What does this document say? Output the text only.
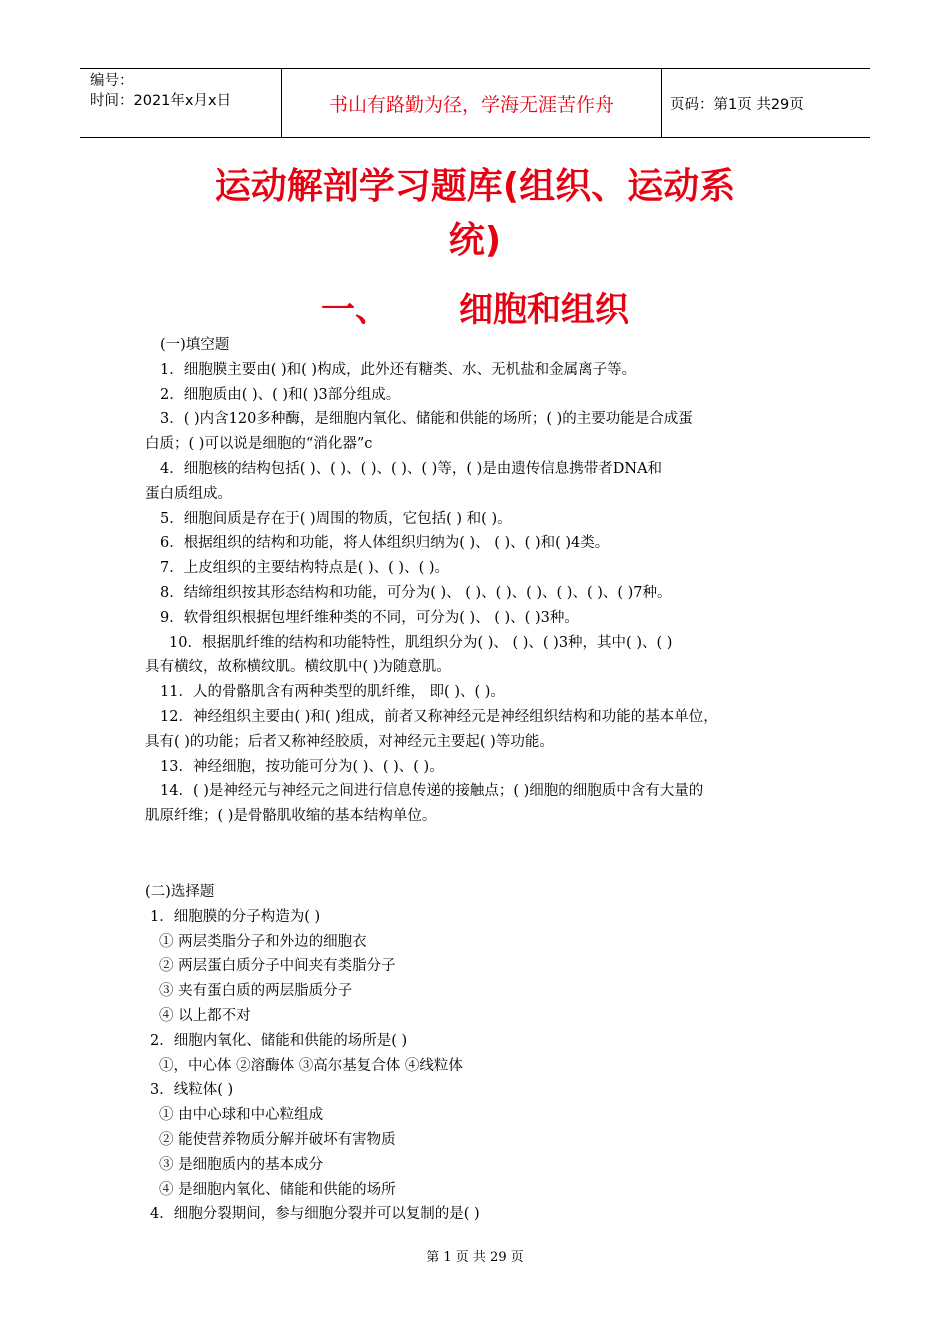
编号：
时间：2021年x月x日	书山有路勤为径，学海无涯苦作舟	页码：第1页 共29页
运动解剖学习题库(组织、运动系
统)
一、 细胞和组织
(一)填空题
1．细胞膜主要由( )和( )构成，此外还有糖类、水、无机盐和金属离子等。
2．细胞质由( )、( )和( )3部分组成。
3．( )内含120多种酶，是细胞内氧化、储能和供能的场所；( )的主要功能是合成蛋
白质；( )可以说是细胞的“消化器”c
4．细胞核的结构包括( )、( )、( )、( )、( )等，( )是由遗传信息携带者DNA和
蛋白质组成。
5．细胞间质是存在于( )周围的物质，它包括( ) 和( )。
6．根据组织的结构和功能，将人体组织归纳为( )、 ( )、( )和( )4类。
7．上皮组织的主要结构特点是( )、( )、( )。
8．结缔组织按其形态结构和功能，可分为( )、 ( )、( )、( )、( )、( )、( )7种。
9．软骨组织根据包埋纤维种类的不同，可分为( )、 ( )、( )3种。
10．根据肌纤维的结构和功能特性，肌组织分为( )、 ( )、( )3种，其中( )、( )
具有横纹，故称横纹肌。横纹肌中( )为随意肌。
11．人的骨骼肌含有两种类型的肌纤维， 即( )、( )。
12．神经组织主要由( )和( )组成，前者又称神经元是神经组织结构和功能的基本单位，
具有( )的功能；后者又称神经胶质，对神经元主要起( )等功能。
13．神经细胞，按功能可分为( )、( )、( )。
14．( )是神经元与神经元之间进行信息传递的接触点；( )细胞的细胞质中含有大量的
肌原纤维；( )是骨骼肌收缩的基本结构单位。
(二)选择题
1．细胞膜的分子构造为( )
① 两层类脂分子和外边的细胞衣
② 两层蛋白质分子中间夹有类脂分子
③ 夹有蛋白质的两层脂质分子
④ 以上都不对
2．细胞内氧化、储能和供能的场所是( )
①，中心体 ②溶酶体 ③高尔基复合体 ④线粒体
3．线粒体( )
① 由中心球和中心粒组成
② 能使营养物质分解并破坏有害物质
③ 是细胞质内的基本成分
④ 是细胞内氧化、储能和供能的场所
4．细胞分裂期间，参与细胞分裂并可以复制的是( )
第 1 页 共 29 页
